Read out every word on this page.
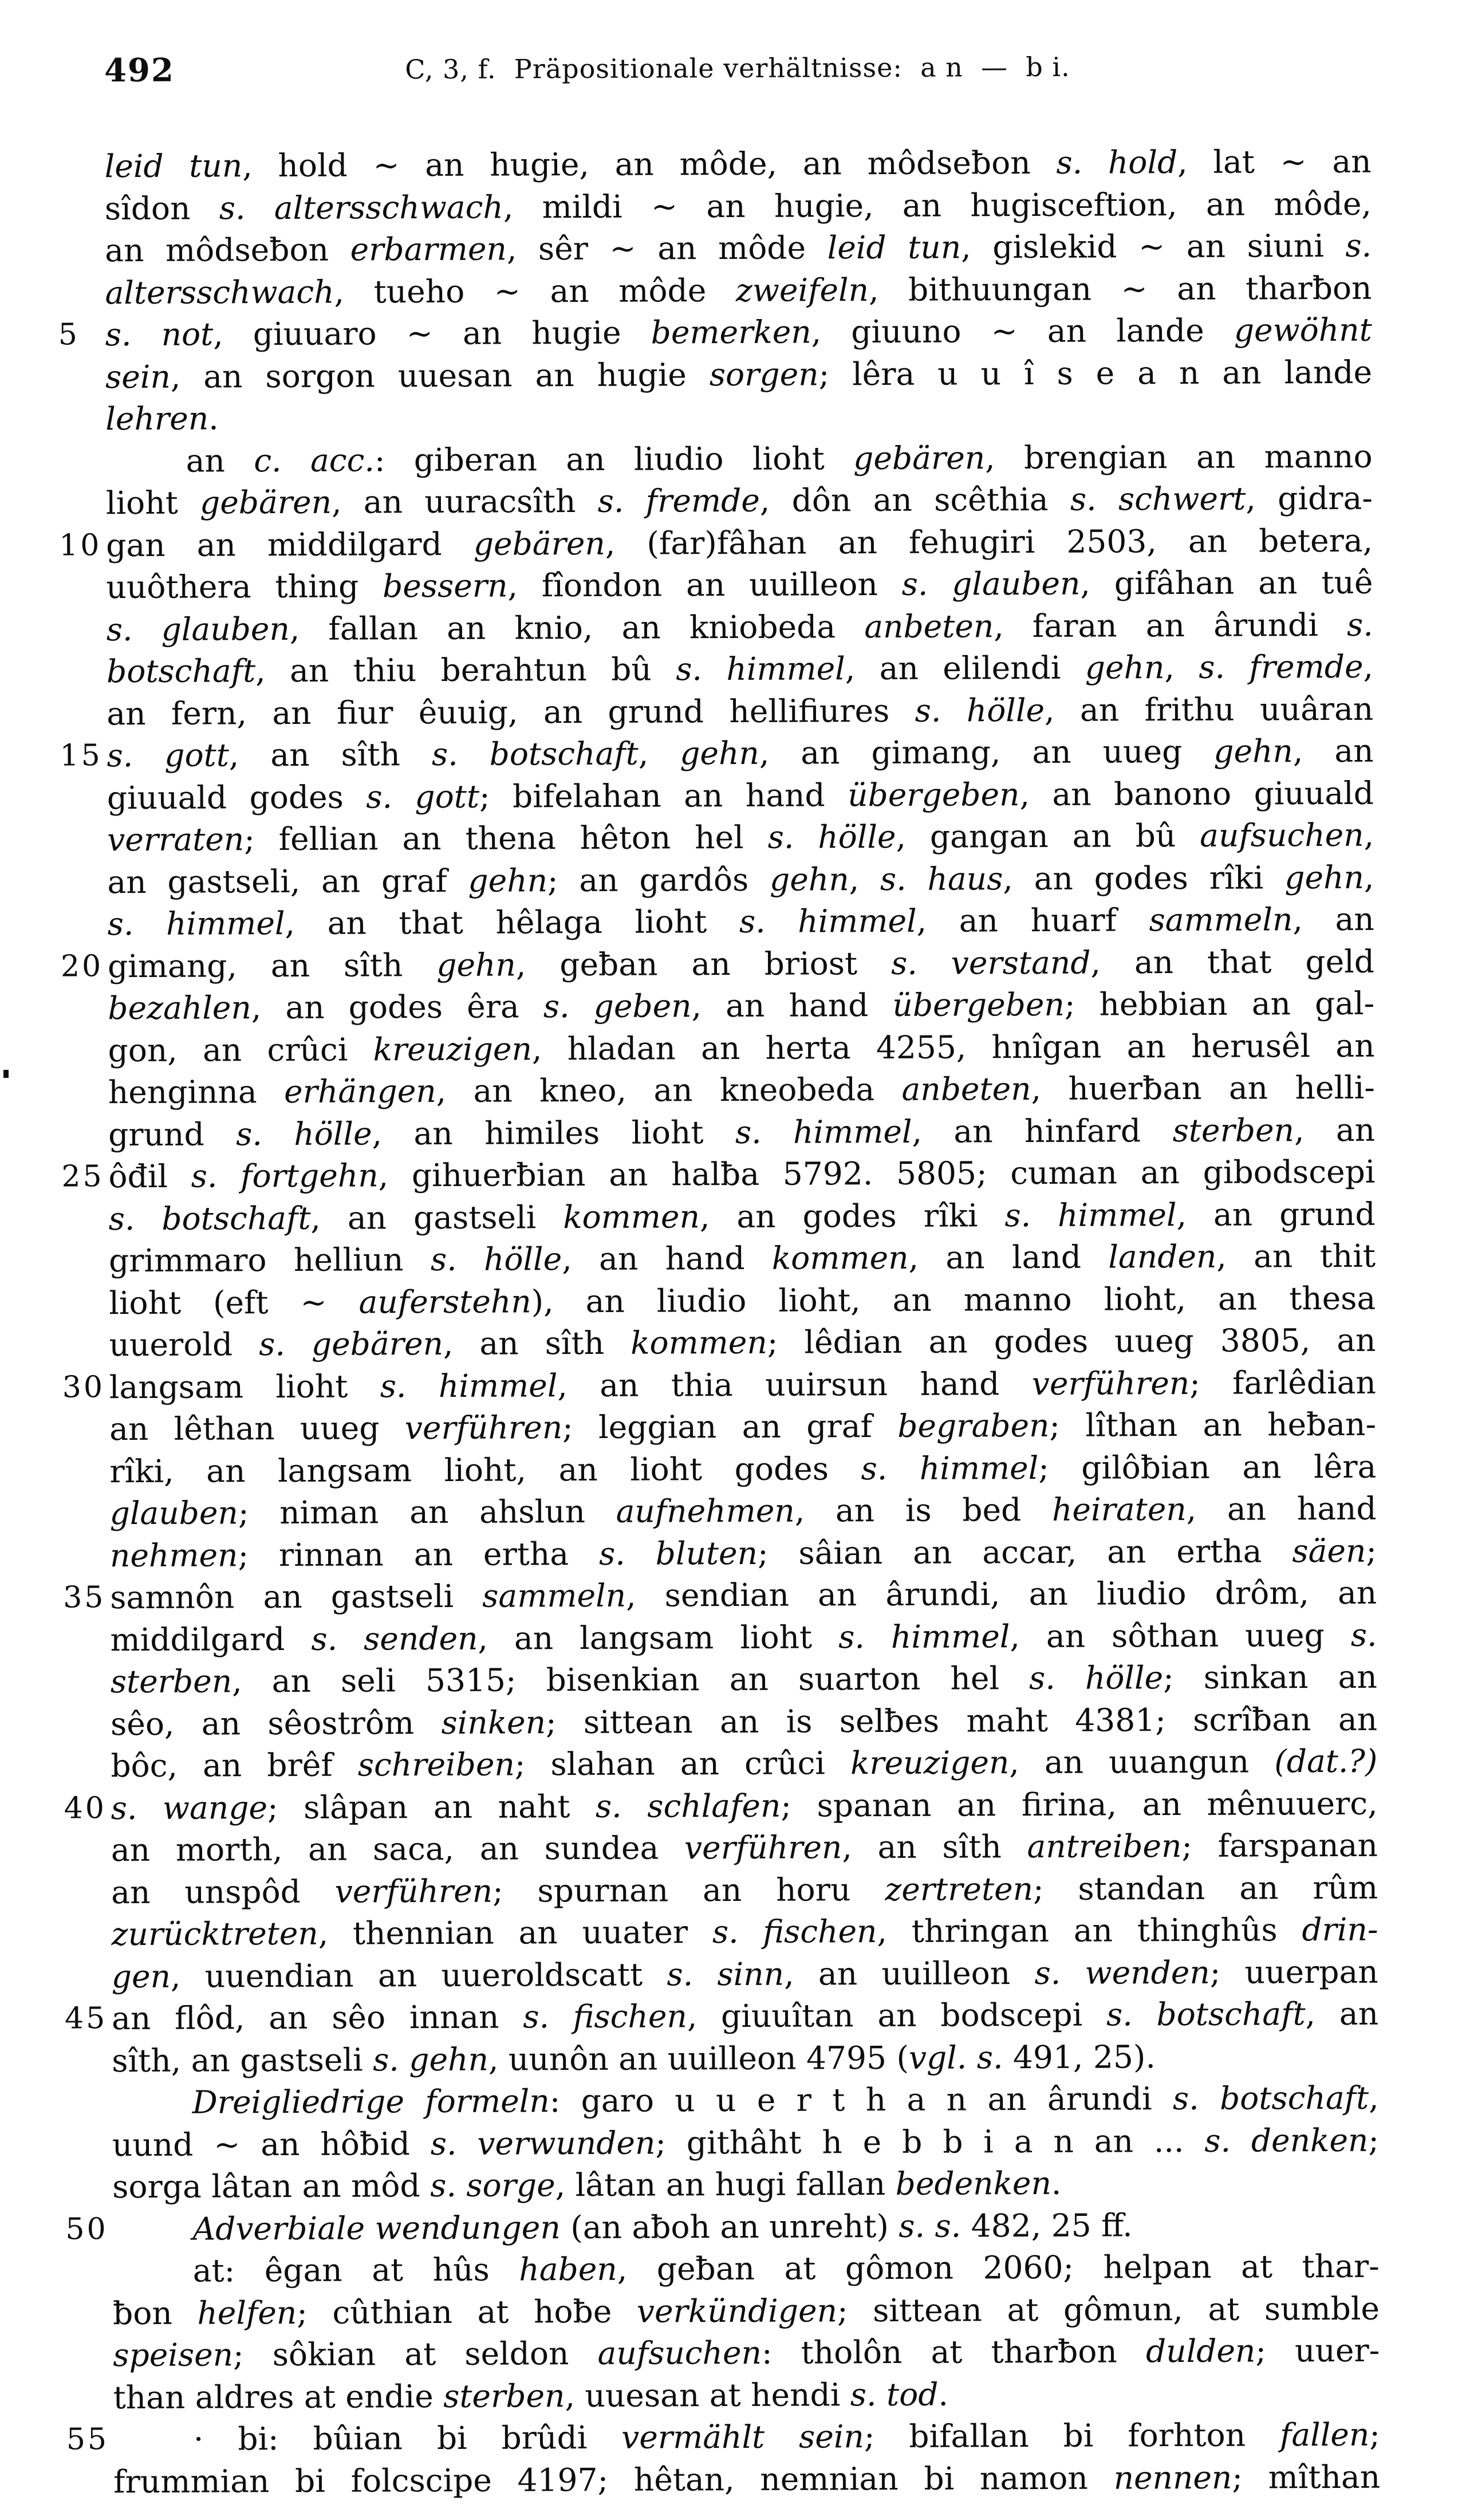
492	C, 3, f.  Präpositionale verhältnisse:  a n  —  b i.
leid tun, hold ~ an hugie, an môde, an môdseƀon s. hold, lat ~ an
sîdon s. altersschwach, mildi ~ an hugie, an hugisceftion, an môde,
an môdseƀon erbarmen, sêr ~ an môde leid tun, gislekid ~ an siuni s.
altersschwach, tueho ~ an môde zweifeln, bithuungan ~ an tharƀon
5 s. not, giuuaro ~ an hugie bemerken, giuuno ~ an lande gewöhnt
sein, an sorgon uuesan an hugie sorgen; lêra u u î s e a n an lande
lehren.
an c. acc.: giberan an liudio lioht gebären, brengian an manno
lioht gebären, an uuracsîth s. fremde, dôn an scêthia s. schwert, gidra-
10 gan an middilgard gebären, (far)fâhan an fehugiri 2503, an betera,
uuôthera thing bessern, fîondon an uuilleon s. glauben, gifâhan an tuê
s. glauben, fallan an knio, an kniobeda anbeten, faran an ârundi s.
botschaft, an thiu berahtun bû s. himmel, an elilendi gehn, s. fremde,
an fern, an fiur êuuig, an grund hellifiures s. hölle, an frithu uuâran
15 s. gott, an sîth s. botschaft, gehn, an gimang, an uueg gehn, an
giuuald godes s. gott; bifelahan an hand übergeben, an banono giuuald
verraten; fellian an thena hêton hel s. hölle, gangan an bû aufsuchen,
an gastseli, an graf gehn; an gardôs gehn, s. haus, an godes rîki gehn,
s. himmel, an that hêlaga lioht s. himmel, an huarf sammeln, an
20 gimang, an sîth gehn, geƀan an briost s. verstand, an that geld
bezahlen, an godes êra s. geben, an hand übergeben; hebbian an gal-
gon, an crûci kreuzigen, hladan an herta 4255, hnîgan an herusêl an
henginna erhängen, an kneo, an kneobeda anbeten, huerƀan an helli-
grund s. hölle, an himiles lioht s. himmel, an hinfard sterben, an
25 ôđil s. fortgehn, gihuerƀian an halƀa 5792. 5805; cuman an gibodscepi
s. botschaft, an gastseli kommen, an godes rîki s. himmel, an grund
grimmaro helliun s. hölle, an hand kommen, an land landen, an thit
lioht (eft ~ auferstehn), an liudio lioht, an manno lioht, an thesa
uuerold s. gebären, an sîth kommen; lêdian an godes uueg 3805, an
30 langsam lioht s. himmel, an thia uuirsun hand verführen; farlêdian
an lêthan uueg verführen; leggian an graf begraben; lîthan an heƀan-
rîki, an langsam lioht, an lioht godes s. himmel; gilôƀian an lêra
glauben; niman an ahslun aufnehmen, an is bed heiraten, an hand
nehmen; rinnan an ertha s. bluten; sâian an accar, an ertha säen;
35 samnôn an gastseli sammeln, sendian an ârundi, an liudio drôm, an
middilgard s. senden, an langsam lioht s. himmel, an sôthan uueg s.
sterben, an seli 5315; bisenkian an suarton hel s. hölle; sinkan an
sêo, an sêostrôm sinken; sittean an is selƀes maht 4381; scrîƀan an
bôc, an brêf schreiben; slahan an crûci kreuzigen, an uuangun (dat.?)
40 s. wange; slâpan an naht s. schlafen; spanan an firina, an mênuuerc,
an morth, an saca, an sundea verführen, an sîth antreiben; farspanan
an unspôd verführen; spurnan an horu zertreten; standan an rûm
zurücktreten, thennian an uuater s. fischen, thringan an thinghûs drin-
gen, uuendian an uueroldscatt s. sinn, an uuilleon s. wenden; uuerpan
45 an flôd, an sêo innan s. fischen, giuuîtan an bodscepi s. botschaft, an
sîth, an gastseli s. gehn, uunôn an uuilleon 4795 (vgl. s. 491, 25).
Dreigliedrige formeln: garo u u e r t h a n an ârundi s. botschaft,
uund ~ an hôƀid s. verwunden; githâht h e b b i a n an ... s. denken;
sorga lâtan an môd s. sorge, lâtan an hugi fallan bedenken.
50	Adverbiale wendungen (an aƀoh an unreht) s. s. 482, 25 ff.
at: êgan at hûs haben, geƀan at gômon 2060; helpan at thar-
ƀon helfen; cûthian at hoƀe verkündigen; sittean at gômun, at sumble
speisen; sôkian at seldon aufsuchen: tholôn at tharƀon dulden; uuer-
than aldres at endie sterben, uuesan at hendi s. tod.
55	· bi: bûian bi brûdi vermählt sein; bifallan bi forhton fallen;
frummian bi folcscipe 4197; hêtan, nemnian bi namon nennen; mîthan
